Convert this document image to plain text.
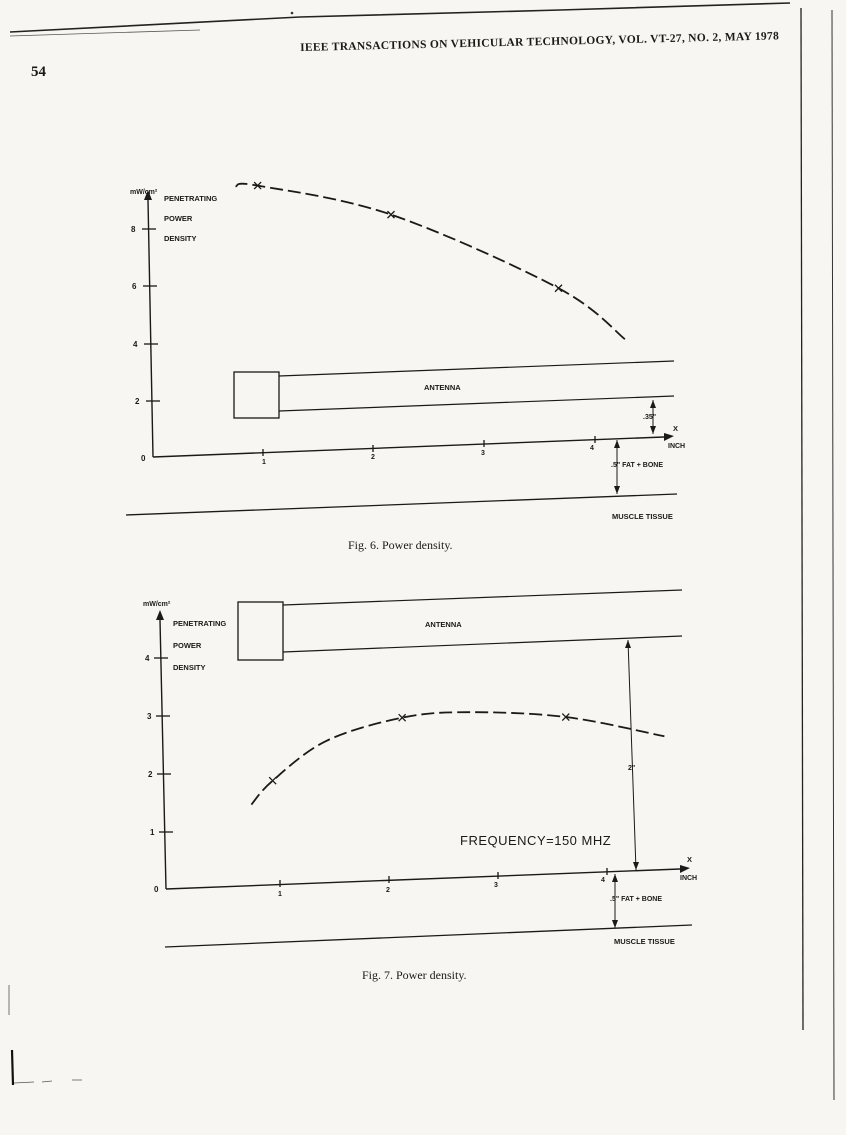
54
IEEE TRANSACTIONS ON VEHICULAR TECHNOLOGY, VOL. VT-27, NO. 2, MAY 1978
8
6
4
2
0	1
2
3
4
mW/cm²
PENETRATING
POWER
DENSITY
X
INCH
ANTENNA
.35"
.5" FAT + BONE
MUSCLE TISSUE
Fig. 6. Power density.
4
3
2
1
0
1
2
3
4
mW/cm²
PENETRATING
POWER
DENSITY
X
INCH
ANTENNA
2"
FREQUENCY=150 MHZ
.5" FAT + BONE
MUSCLE TISSUE
Fig. 7. Power density.
